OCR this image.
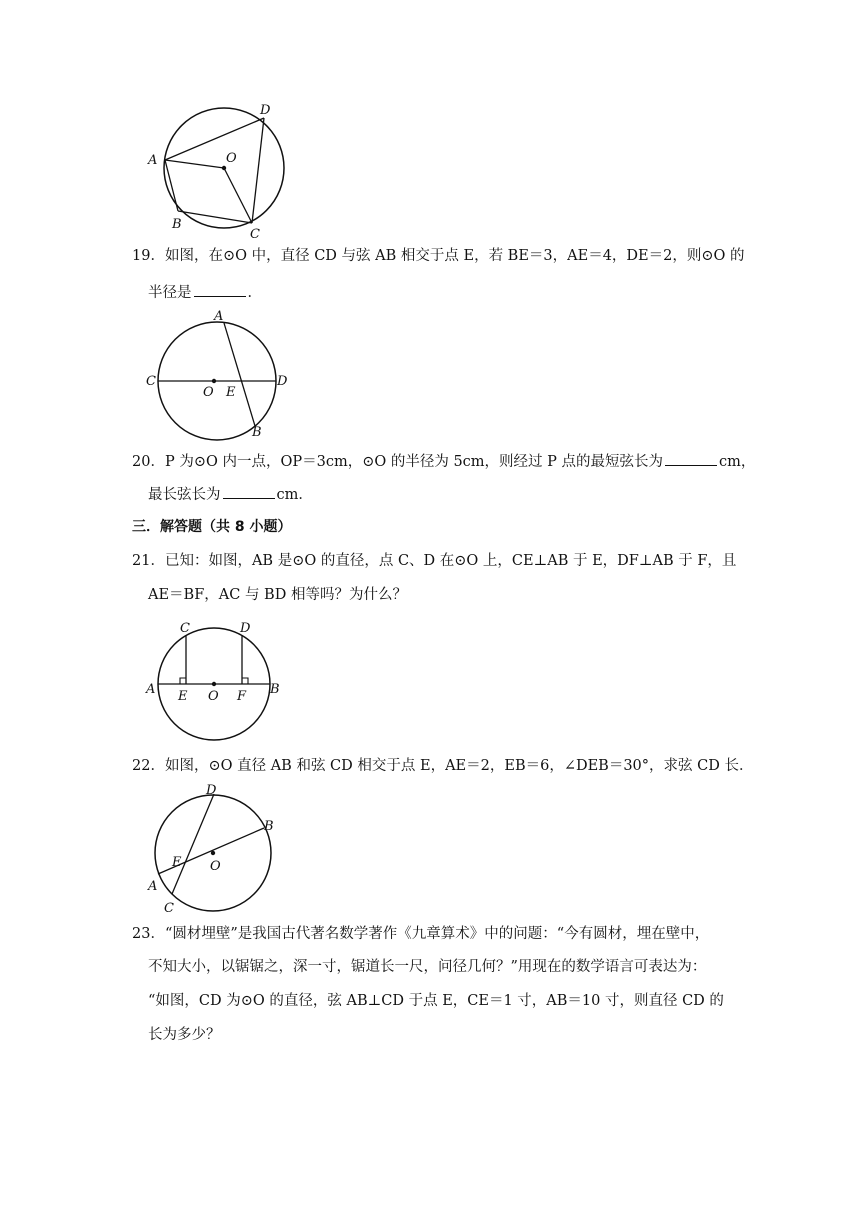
D
A	O
B
C
19．如图，在⊙O 中，直径 CD 与弦 AB 相交于点 E，若 BE＝3，AE＝4，DE＝2，则⊙O 的
半径是	．
A
C	D
O E
B
20．P 为⊙O 内一点，OP＝3cm，⊙O 的半径为 5cm，则经过 P 点的最短弦长为	cm，
最长弦长为	cm．
三．解答题（共 8 小题）
21．已知：如图，AB 是⊙O 的直径，点 C、D 在⊙O 上，CE⊥AB 于 E，DF⊥AB 于 F，且
AE＝BF，AC 与 BD 相等吗？为什么？
C	D
A E O F B
22．如图，⊙O 直径 AB 和弦 CD 相交于点 E，AE＝2，EB＝6，∠DEB＝30°，求弦 CD 长．
D
B
E O
A
C
23．“圆材埋壁”是我国古代著名数学著作《九章算术》中的问题：“今有圆材，埋在壁中，
不知大小，以锯锯之，深一寸，锯道长一尺，问径几何？”用现在的数学语言可表达为：
“如图，CD 为⊙O 的直径，弦 AB⊥CD 于点 E，CE＝1 寸，AB＝10 寸，则直径 CD 的
长为多少？
